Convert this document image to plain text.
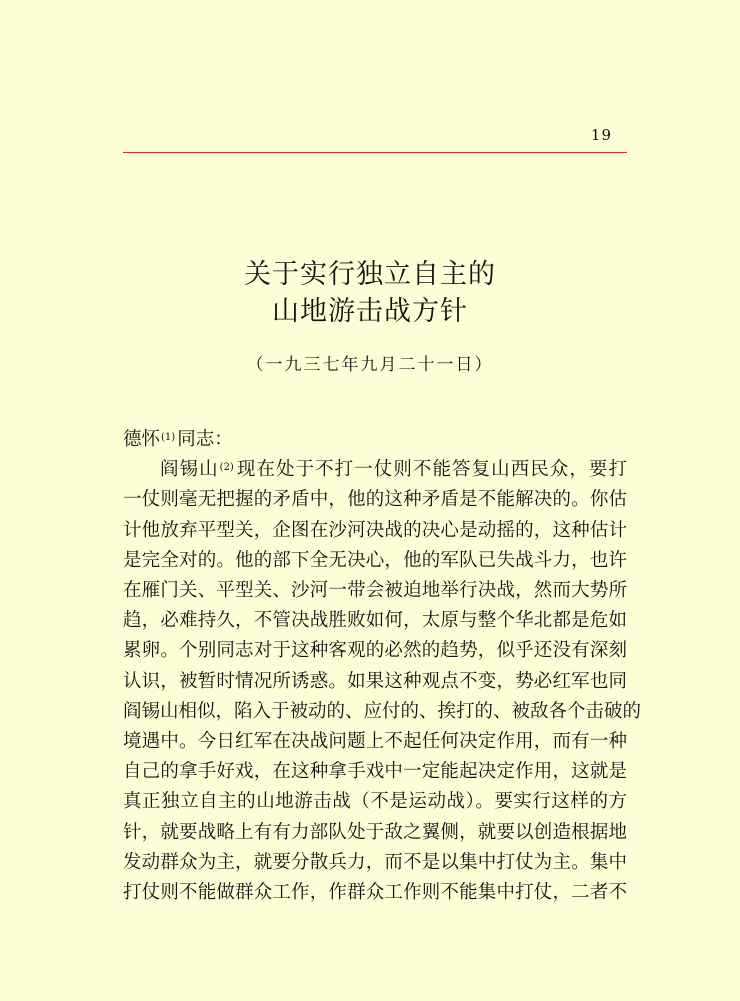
19
关于实行独立自主的
山地游击战方针
（一九三七年九月二十一日）

德怀$^{(1)}$ 同志：

阎锡山$^{(2)}$ 现在处于不打一仗则不能答复山西民众，要打
一仗则毫无把握的矛盾中，他的这种矛盾是不能解决的。你估
计他放弃平型关，企图在沙河决战的决心是动摇的，这种估计
是完全对的。他的部下全无决心，他的军队已失战斗力，也许
在雁门关、平型关、沙河一带会被迫地举行决战，然而大势所
趋，必难持久，不管决战胜败如何，太原与整个华北都是危如
累卵。个别同志对于这种客观的必然的趋势，似乎还没有深刻
认识，被暂时情况所诱惑。如果这种观点不变，势必红军也同
阎锡山相似，陷入于被动的、应付的、挨打的、被敌各个击破的
境遇中。今日红军在决战问题上不起任何决定作用，而有一种
自己的拿手好戏，在这种拿手戏中一定能起决定作用，这就是
真正独立自主的山地游击战（不是运动战）。要实行这样的方
针，就要战略上有有力部队处于敌之翼侧，就要以创造根据地
发动群众为主，就要分散兵力，而不是以集中打仗为主。集中
打仗则不能做群众工作，作群众工作则不能集中打仗，二者不
